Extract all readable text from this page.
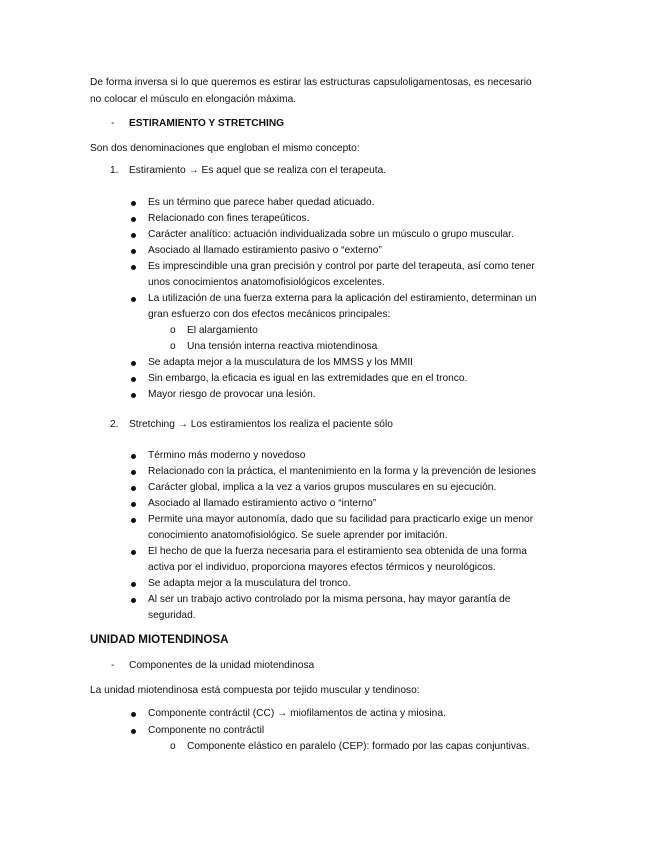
De forma inversa si lo que queremos es estirar las estructuras capsuloligamentosas, es necesario
no colocar el músculo en elongación máxima.
- ESTIRAMIENTO Y STRETCHING
Son dos denominaciones que engloban el mismo concepto:
1. Estiramiento → Es aquel que se realiza con el terapeuta.
Es un término que parece haber quedad aticuado.
Relacionado con fines terapeúticos.
Carácter analítico: actuación individualizada sobre un músculo o grupo muscular.
Asociado al llamado estiramiento pasivo o “externo”
Es imprescindible una gran precisión y control por parte del terapeuta, así como tener
unos conocimientos anatomofisiológicos excelentes.
La utilización de una fuerza externa para la aplicación del estiramiento, determinan un
gran esfuerzo con dos efectos mecánicos principales:
o El alargamiento
o Una tensión interna reactiva miotendinosa
Se adapta mejor a la musculatura de los MMSS y los MMII
Sin embargo, la eficacia es igual en las extremidades que en el tronco.
Mayor riesgo de provocar una lesión.
2. Stretching → Los estiramientos los realiza el paciente sólo
Término más moderno y novedoso
Relacionado con la práctica, el mantenimiento en la forma y la prevención de lesiones
Carácter global, implica a la vez a varios grupos musculares en su ejecución.
Asociado al llamado estiramiento activo o “interno”
Permite una mayor autonomía, dado que su facilidad para practicarlo exige un menor
conocimiento anatomofisiológico. Se suele aprender por imitación.
El hecho de que la fuerza necesaria para el estiramiento sea obtenida de una forma
activa por el individuo, proporciona mayores efectos térmicos y neurológicos.
Se adapta mejor a la musculatura del tronco.
Al ser un trabajo activo controlado por la misma persona, hay mayor garantía de
seguridad.
UNIDAD MIOTENDINOSA
- Componentes de la unidad miotendinosa
La unidad miotendinosa está compuesta por tejido muscular y tendinoso:
Componente contráctil (CC) → miofilamentos de actina y miosina.
Componente no contráctil
o Componente elástico en paralelo (CEP): formado por las capas conjuntivas.
